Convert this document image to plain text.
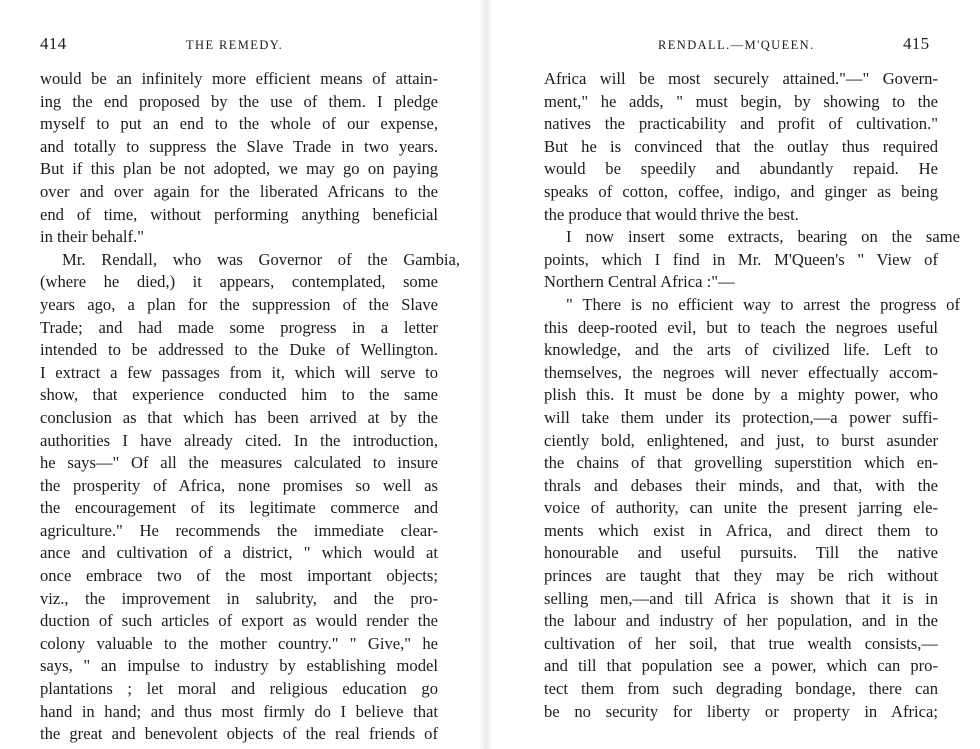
414	THE REMEDY.
would be an infinitely more efficient means of attain-
ing the end proposed by the use of them. I pledge
myself to put an end to the whole of our expense,
and totally to suppress the Slave Trade in two years.
But if this plan be not adopted, we may go on paying
over and over again for the liberated Africans to the
end of time, without performing anything beneficial
in their behalf."
Mr. Rendall, who was Governor of the Gambia,
(where he died,) it appears, contemplated, some
years ago, a plan for the suppression of the Slave
Trade; and had made some progress in a letter
intended to be addressed to the Duke of Wellington.
I extract a few passages from it, which will serve to
show, that experience conducted him to the same
conclusion as that which has been arrived at by the
authorities I have already cited. In the introduction,
he says—" Of all the measures calculated to insure
the prosperity of Africa, none promises so well as
the encouragement of its legitimate commerce and
agriculture." He recommends the immediate clear-
ance and cultivation of a district, " which would at
once embrace two of the most important objects;
viz., the improvement in salubrity, and the pro-
duction of such articles of export as would render the
colony valuable to the mother country." " Give," he
says, " an impulse to industry by establishing model
plantations ; let moral and religious education go
hand in hand; and thus most firmly do I believe that
the great and benevolent objects of the real friends of
RENDALL.—M'QUEEN.	415
Africa will be most securely attained."—" Govern-
ment," he adds, " must begin, by showing to the
natives the practicability and profit of cultivation."
But he is convinced that the outlay thus required
would be speedily and abundantly repaid. He
speaks of cotton, coffee, indigo, and ginger as being
the produce that would thrive the best.
I now insert some extracts, bearing on the same
points, which I find in Mr. M'Queen's " View of
Northern Central Africa :"—
" There is no efficient way to arrest the progress of
this deep-rooted evil, but to teach the negroes useful
knowledge, and the arts of civilized life. Left to
themselves, the negroes will never effectually accom-
plish this. It must be done by a mighty power, who
will take them under its protection,—a power suffi-
ciently bold, enlightened, and just, to burst asunder
the chains of that grovelling superstition which en-
thrals and debases their minds, and that, with the
voice of authority, can unite the present jarring ele-
ments which exist in Africa, and direct them to
honourable and useful pursuits. Till the native
princes are taught that they may be rich without
selling men,—and till Africa is shown that it is in
the labour and industry of her population, and in the
cultivation of her soil, that true wealth consists,—
and till that population see a power, which can pro-
tect them from such degrading bondage, there can
be no security for liberty or property in Africa;
